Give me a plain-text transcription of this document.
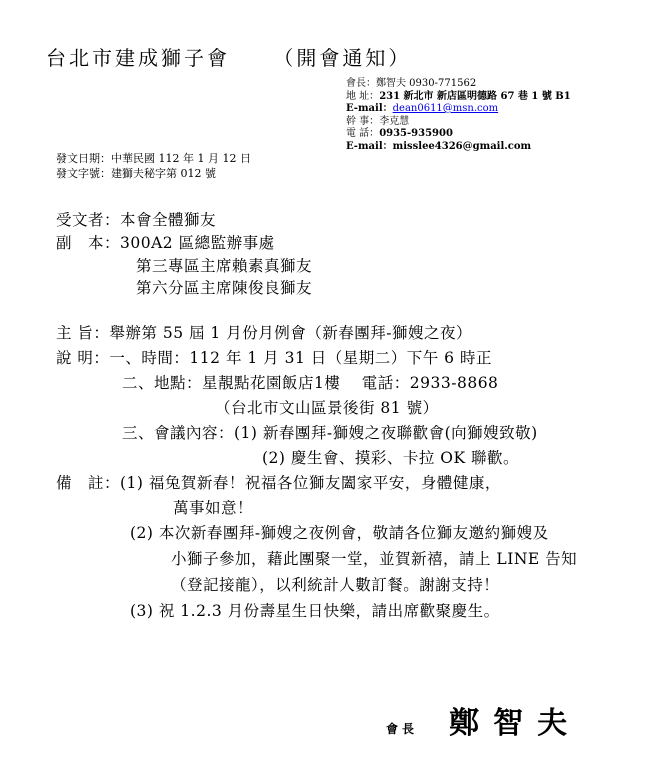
台北市建成獅子會 （開會通知）
會長：鄭智夫 0930-771562
地 址：231 新北市 新店區明德路 67 巷 1 號 B1
E-mail：dean0611@msn.com
幹 事：李克慧
電 話：0935-935900
E-mail：misslee4326@gmail.com
發文日期：中華民國 112 年 1 月 12 日
發文字號：建獅夫秘字第 012 號
受文者：本會全體獅友
副　本：300A2 區總監辦事處
第三專區主席賴素真獅友
第六分區主席陳俊良獅友
主 旨：舉辦第 55 屆 1 月份月例會（新春團拜-獅嫂之夜）
說 明：一、時間：112 年 1 月 31 日（星期二）下午 6 時正
二、地點：星靚點花園飯店1樓　 電話：2933-8868
（台北市文山區景後街 81 號）
三、會議內容：(1) 新春團拜-獅嫂之夜聯歡會(向獅嫂致敬)
(2) 慶生會、摸彩、卡拉 OK 聯歡。
備　註：(1) 福兔賀新春！祝福各位獅友闔家平安，身體健康，
萬事如意！
(2) 本次新春團拜-獅嫂之夜例會，敬請各位獅友邀約獅嫂及
小獅子參加，藉此團聚一堂，並賀新禧，請上 LINE 告知
（登記接龍），以利統計人數訂餐。謝謝支持！
(3) 祝 1.2.3 月份壽星生日快樂，請出席歡聚慶生。
會長 鄭智夫
